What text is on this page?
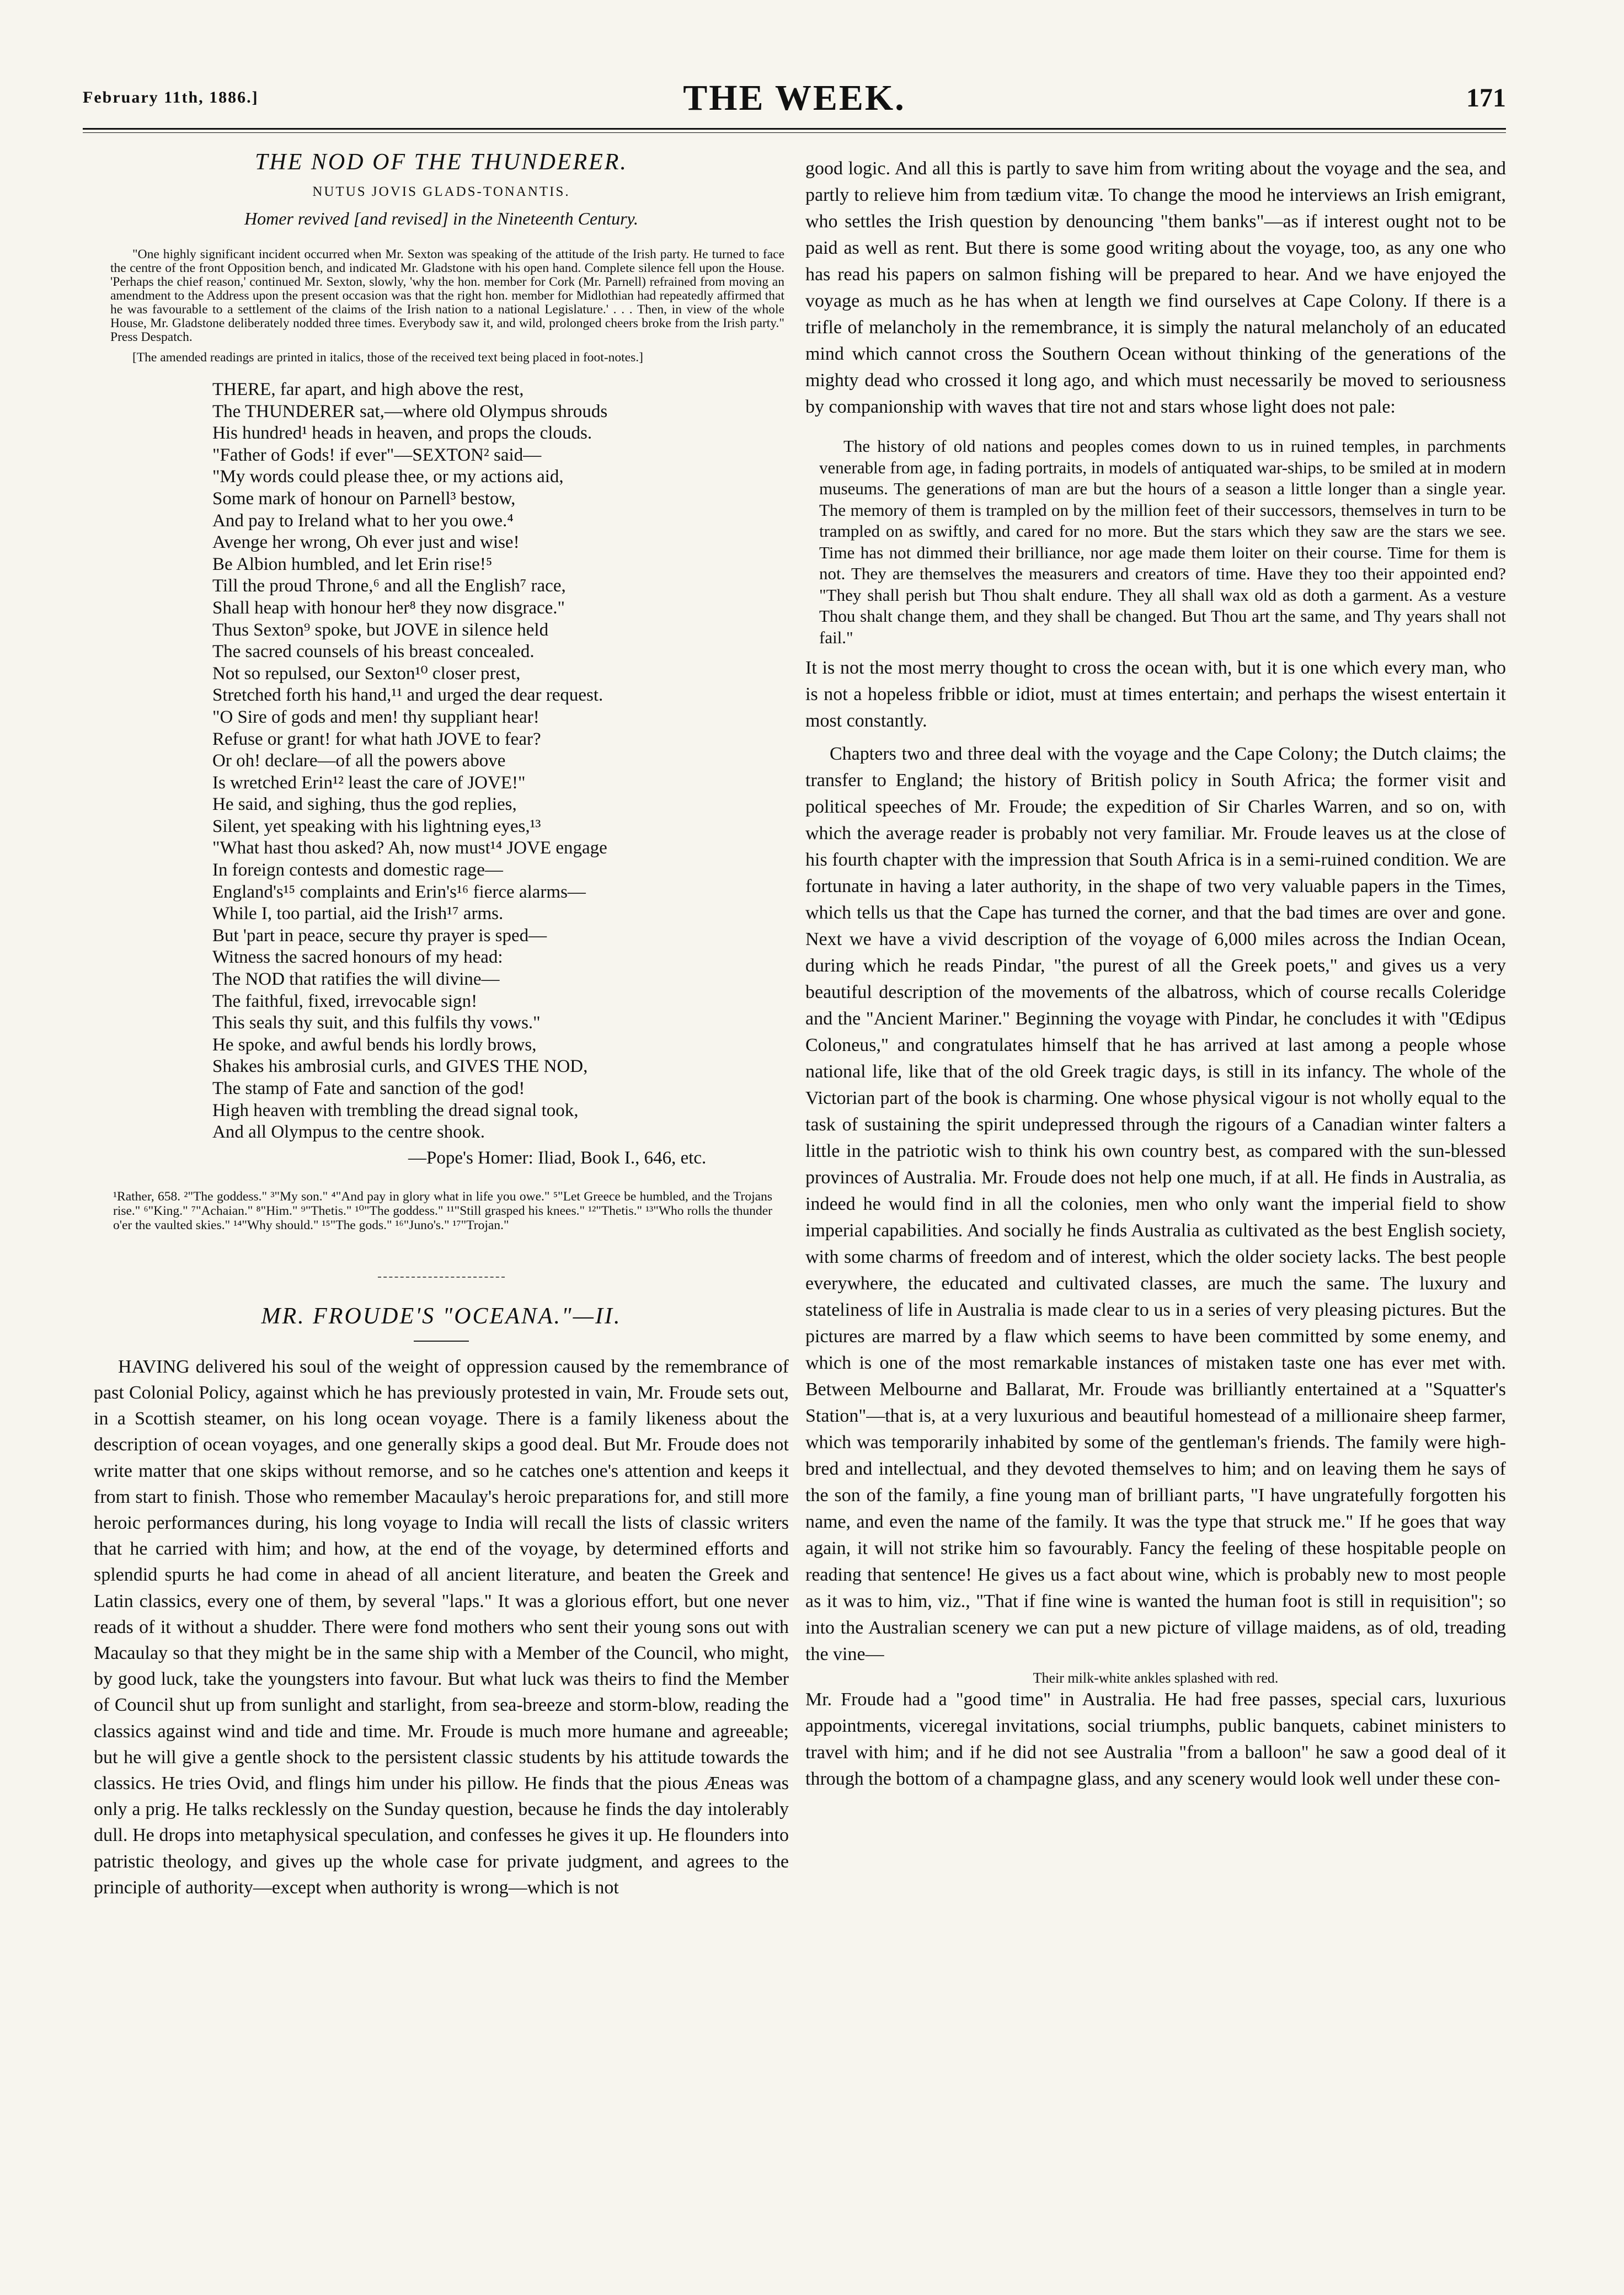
February 11th, 1886.]	THE WEEK.	171

THE NOD OF THE THUNDERER.

NUTUS JOVIS GLADS-TONANTIS.

Homer revived [and revised] in the Nineteenth Century.

"One highly significant incident occurred when Mr. Sexton was speaking of the attitude of the Irish party. He turned to face the centre of the front Opposition bench, and indicated Mr. Gladstone with his open hand. Complete silence fell upon the House. 'Perhaps the chief reason,' continued Mr. Sexton, slowly, 'why the hon. member for Cork (Mr. Parnell) refrained from moving an amendment to the Address upon the present occasion was that the right hon. member for Midlothian had repeatedly affirmed that he was favourable to a settlement of the claims of the Irish nation to a national Legislature.' . . . Then, in view of the whole House, Mr. Gladstone deliberately nodded three times. Everybody saw it, and wild, prolonged cheers broke from the Irish party." Press Despatch.

[The amended readings are printed in italics, those of the received text being placed in foot-notes.]

THERE, far apart, and high above the rest,
The THUNDERER sat,—where old Olympus shrouds
His hundred¹ heads in heaven, and props the clouds.
"Father of Gods! if ever"—SEXTON² said—
"My words could please thee, or my actions aid,
Some mark of honour on Parnell³ bestow,
And pay to Ireland what to her you owe.⁴
Avenge her wrong, Oh ever just and wise!
Be Albion humbled, and let Erin rise!⁵
Till the proud Throne,⁶ and all the English⁷ race,
Shall heap with honour her⁸ they now disgrace."
Thus Sexton⁹ spoke, but JOVE in silence held
The sacred counsels of his breast concealed.
Not so repulsed, our Sexton¹⁰ closer prest,
Stretched forth his hand,¹¹ and urged the dear request.
"O Sire of gods and men! thy suppliant hear!
Refuse or grant! for what hath JOVE to fear?
Or oh! declare—of all the powers above
Is wretched Erin¹² least the care of JOVE!"
He said, and sighing, thus the god replies,
Silent, yet speaking with his lightning eyes,¹³
"What hast thou asked? Ah, now must¹⁴ JOVE engage
In foreign contests and domestic rage—
England's¹⁵ complaints and Erin's¹⁶ fierce alarms—
While I, too partial, aid the Irish¹⁷ arms.
But 'part in peace, secure thy prayer is sped—
Witness the sacred honours of my head:
The NOD that ratifies the will divine—
The faithful, fixed, irrevocable sign!
This seals thy suit, and this fulfils thy vows."
He spoke, and awful bends his lordly brows,
Shakes his ambrosial curls, and GIVES THE NOD,
The stamp of Fate and sanction of the god!
High heaven with trembling the dread signal took,
And all Olympus to the centre shook.
—Pope's Homer: Iliad, Book I., 646, etc.

¹Rather, 658. ²"The goddess." ³"My son." ⁴"And pay in glory what in life you owe." ⁵"Let Greece be humbled, and the Trojans rise." ⁶"King." ⁷"Achaian." ⁸"Him." ⁹"Thetis." ¹⁰"The goddess." ¹¹"Still grasped his knees." ¹²"Thetis." ¹³"Who rolls the thunder o'er the vaulted skies." ¹⁴"Why should." ¹⁵"The gods." ¹⁶"Juno's." ¹⁷"Trojan."

MR. FROUDE'S "OCEANA."—II.

HAVING delivered his soul of the weight of oppression caused by the remembrance of past Colonial Policy, against which he has previously protested in vain, Mr. Froude sets out, in a Scottish steamer, on his long ocean voyage. There is a family likeness about the description of ocean voyages, and one generally skips a good deal. But Mr. Froude does not write matter that one skips without remorse, and so he catches one's attention and keeps it from start to finish. Those who remember Macaulay's heroic preparations for, and still more heroic performances during, his long voyage to India will recall the lists of classic writers that he carried with him; and how, at the end of the voyage, by determined efforts and splendid spurts he had come in ahead of all ancient literature, and beaten the Greek and Latin classics, every one of them, by several "laps." It was a glorious effort, but one never reads of it without a shudder. There were fond mothers who sent their young sons out with Macaulay so that they might be in the same ship with a Member of the Council, who might, by good luck, take the youngsters into favour. But what luck was theirs to find the Member of Council shut up from sunlight and starlight, from sea-breeze and storm-blow, reading the classics against wind and tide and time. Mr. Froude is much more humane and agreeable; but he will give a gentle shock to the persistent classic students by his attitude towards the classics. He tries Ovid, and flings him under his pillow. He finds that the pious Æneas was only a prig. He talks recklessly on the Sunday question, because he finds the day intolerably dull. He drops into metaphysical speculation, and confesses he gives it up. He flounders into patristic theology, and gives up the whole case for private judgment, and agrees to the principle of authority—except when authority is wrong—which is not

good logic. And all this is partly to save him from writing about the voyage and the sea, and partly to relieve him from tædium vitæ. To change the mood he interviews an Irish emigrant, who settles the Irish question by denouncing "them banks"—as if interest ought not to be paid as well as rent. But there is some good writing about the voyage, too, as any one who has read his papers on salmon fishing will be prepared to hear. And we have enjoyed the voyage as much as he has when at length we find ourselves at Cape Colony. If there is a trifle of melancholy in the remembrance, it is simply the natural melancholy of an educated mind which cannot cross the Southern Ocean without thinking of the generations of the mighty dead who crossed it long ago, and which must necessarily be moved to seriousness by companionship with waves that tire not and stars whose light does not pale:

The history of old nations and peoples comes down to us in ruined temples, in parchments venerable from age, in fading portraits, in models of antiquated war-ships, to be smiled at in modern museums. The generations of man are but the hours of a season a little longer than a single year. The memory of them is trampled on by the million feet of their successors, themselves in turn to be trampled on as swiftly, and cared for no more. But the stars which they saw are the stars we see. Time has not dimmed their brilliance, nor age made them loiter on their course. Time for them is not. They are themselves the measurers and creators of time. Have they too their appointed end? "They shall perish but Thou shalt endure. They all shall wax old as doth a garment. As a vesture Thou shalt change them, and they shall be changed. But Thou art the same, and Thy years shall not fail."

It is not the most merry thought to cross the ocean with, but it is one which every man, who is not a hopeless fribble or idiot, must at times entertain; and perhaps the wisest entertain it most constantly.

Chapters two and three deal with the voyage and the Cape Colony; the Dutch claims; the transfer to England; the history of British policy in South Africa; the former visit and political speeches of Mr. Froude; the expedition of Sir Charles Warren, and so on, with which the average reader is probably not very familiar. Mr. Froude leaves us at the close of his fourth chapter with the impression that South Africa is in a semi-ruined condition. We are fortunate in having a later authority, in the shape of two very valuable papers in the Times, which tells us that the Cape has turned the corner, and that the bad times are over and gone. Next we have a vivid description of the voyage of 6,000 miles across the Indian Ocean, during which he reads Pindar, "the purest of all the Greek poets," and gives us a very beautiful description of the movements of the albatross, which of course recalls Coleridge and the "Ancient Mariner." Beginning the voyage with Pindar, he concludes it with "Œdipus Coloneus," and congratulates himself that he has arrived at last among a people whose national life, like that of the old Greek tragic days, is still in its infancy. The whole of the Victorian part of the book is charming. One whose physical vigour is not wholly equal to the task of sustaining the spirit undepressed through the rigours of a Canadian winter falters a little in the patriotic wish to think his own country best, as compared with the sun-blessed provinces of Australia. Mr. Froude does not help one much, if at all. He finds in Australia, as indeed he would find in all the colonies, men who only want the imperial field to show imperial capabilities. And socially he finds Australia as cultivated as the best English society, with some charms of freedom and of interest, which the older society lacks. The best people everywhere, the educated and cultivated classes, are much the same. The luxury and stateliness of life in Australia is made clear to us in a series of very pleasing pictures. But the pictures are marred by a flaw which seems to have been committed by some enemy, and which is one of the most remarkable instances of mistaken taste one has ever met with. Between Melbourne and Ballarat, Mr. Froude was brilliantly entertained at a "Squatter's Station"—that is, at a very luxurious and beautiful homestead of a millionaire sheep farmer, which was temporarily inhabited by some of the gentleman's friends. The family were high-bred and intellectual, and they devoted themselves to him; and on leaving them he says of the son of the family, a fine young man of brilliant parts, "I have ungratefully forgotten his name, and even the name of the family. It was the type that struck me." If he goes that way again, it will not strike him so favourably. Fancy the feeling of these hospitable people on reading that sentence! He gives us a fact about wine, which is probably new to most people as it was to him, viz., "That if fine wine is wanted the human foot is still in requisition"; so into the Australian scenery we can put a new picture of village maidens, as of old, treading the vine—

Their milk-white ankles splashed with red.

Mr. Froude had a "good time" in Australia. He had free passes, special cars, luxurious appointments, viceregal invitations, social triumphs, public banquets, cabinet ministers to travel with him; and if he did not see Australia "from a balloon" he saw a good deal of it through the bottom of a champagne glass, and any scenery would look well under these con-
